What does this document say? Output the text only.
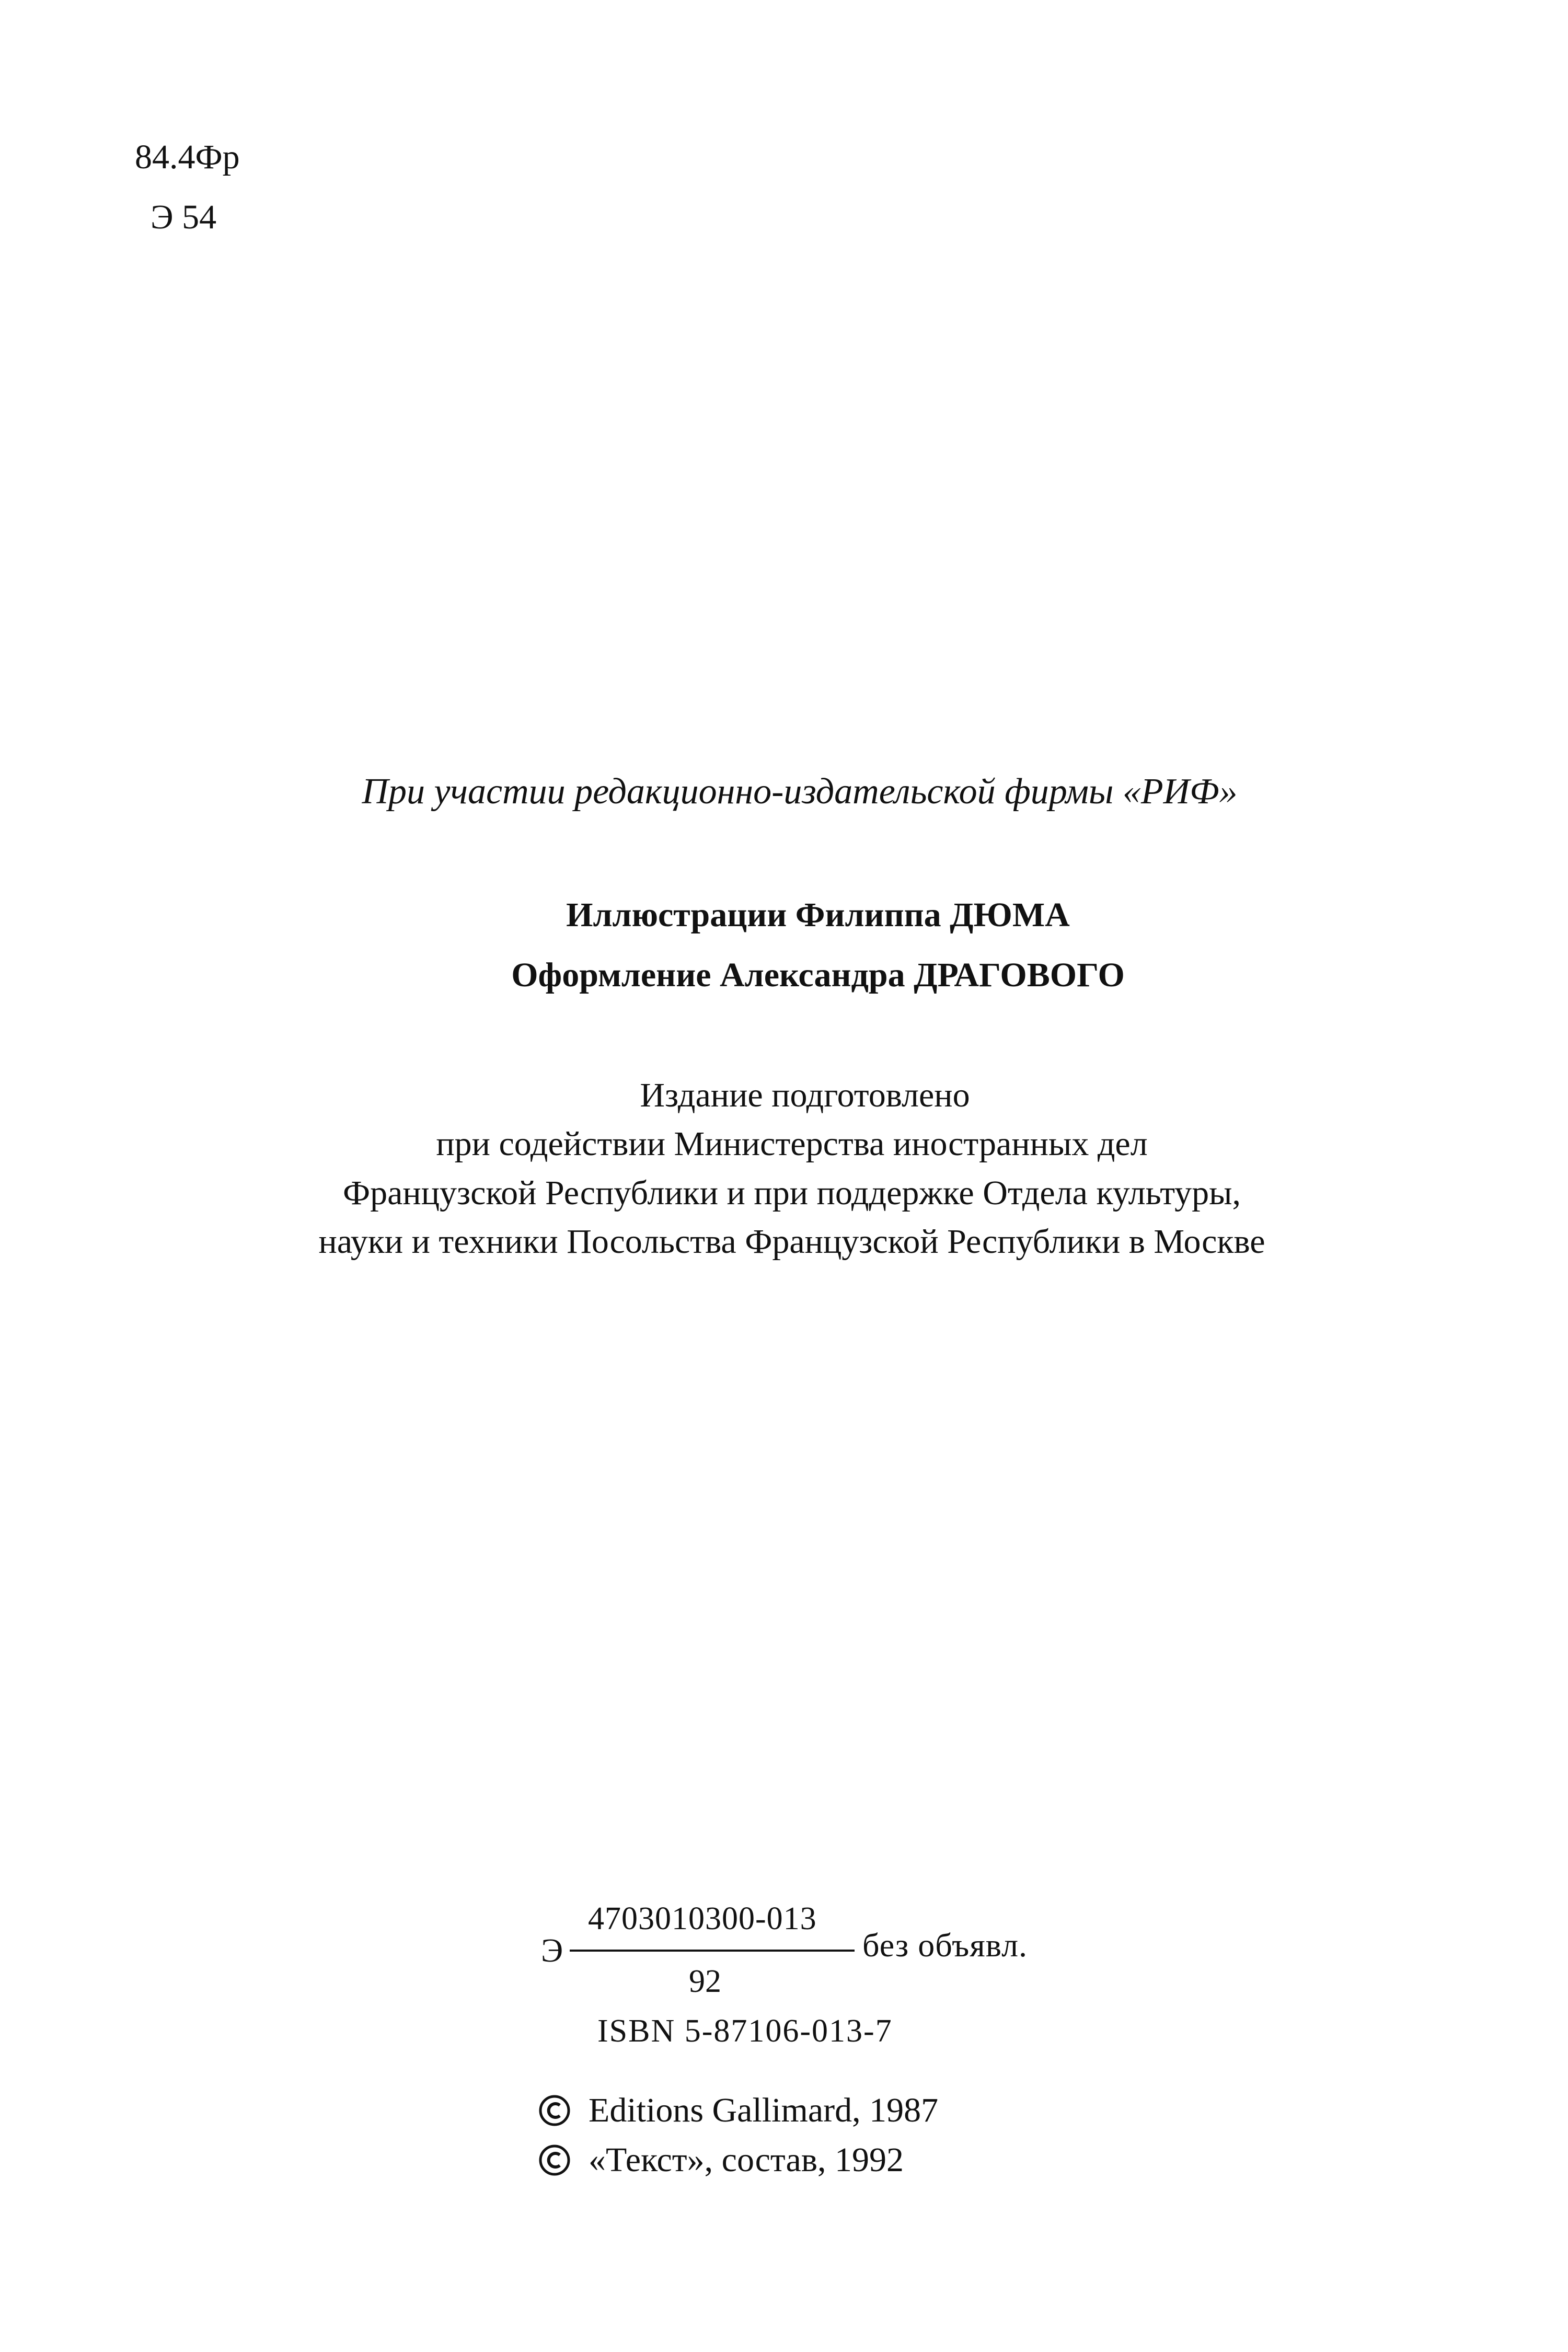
84.4Фр
Э 54
При участии редакционно-издательской фирмы «РИФ»
Иллюстрации Филиппа ДЮМА
Оформление Александра ДРАГОВОГО
Издание подготовлено
при содействии Министерства иностранных дел
Французской Республики и при поддержке Отдела культуры,
науки и техники Посольства Французской Республики в Москве
Э
4703010300-013
92
без объявл.
ISBN 5-87106-013-7
Editions Gallimard, 1987
«Текст», состав, 1992
